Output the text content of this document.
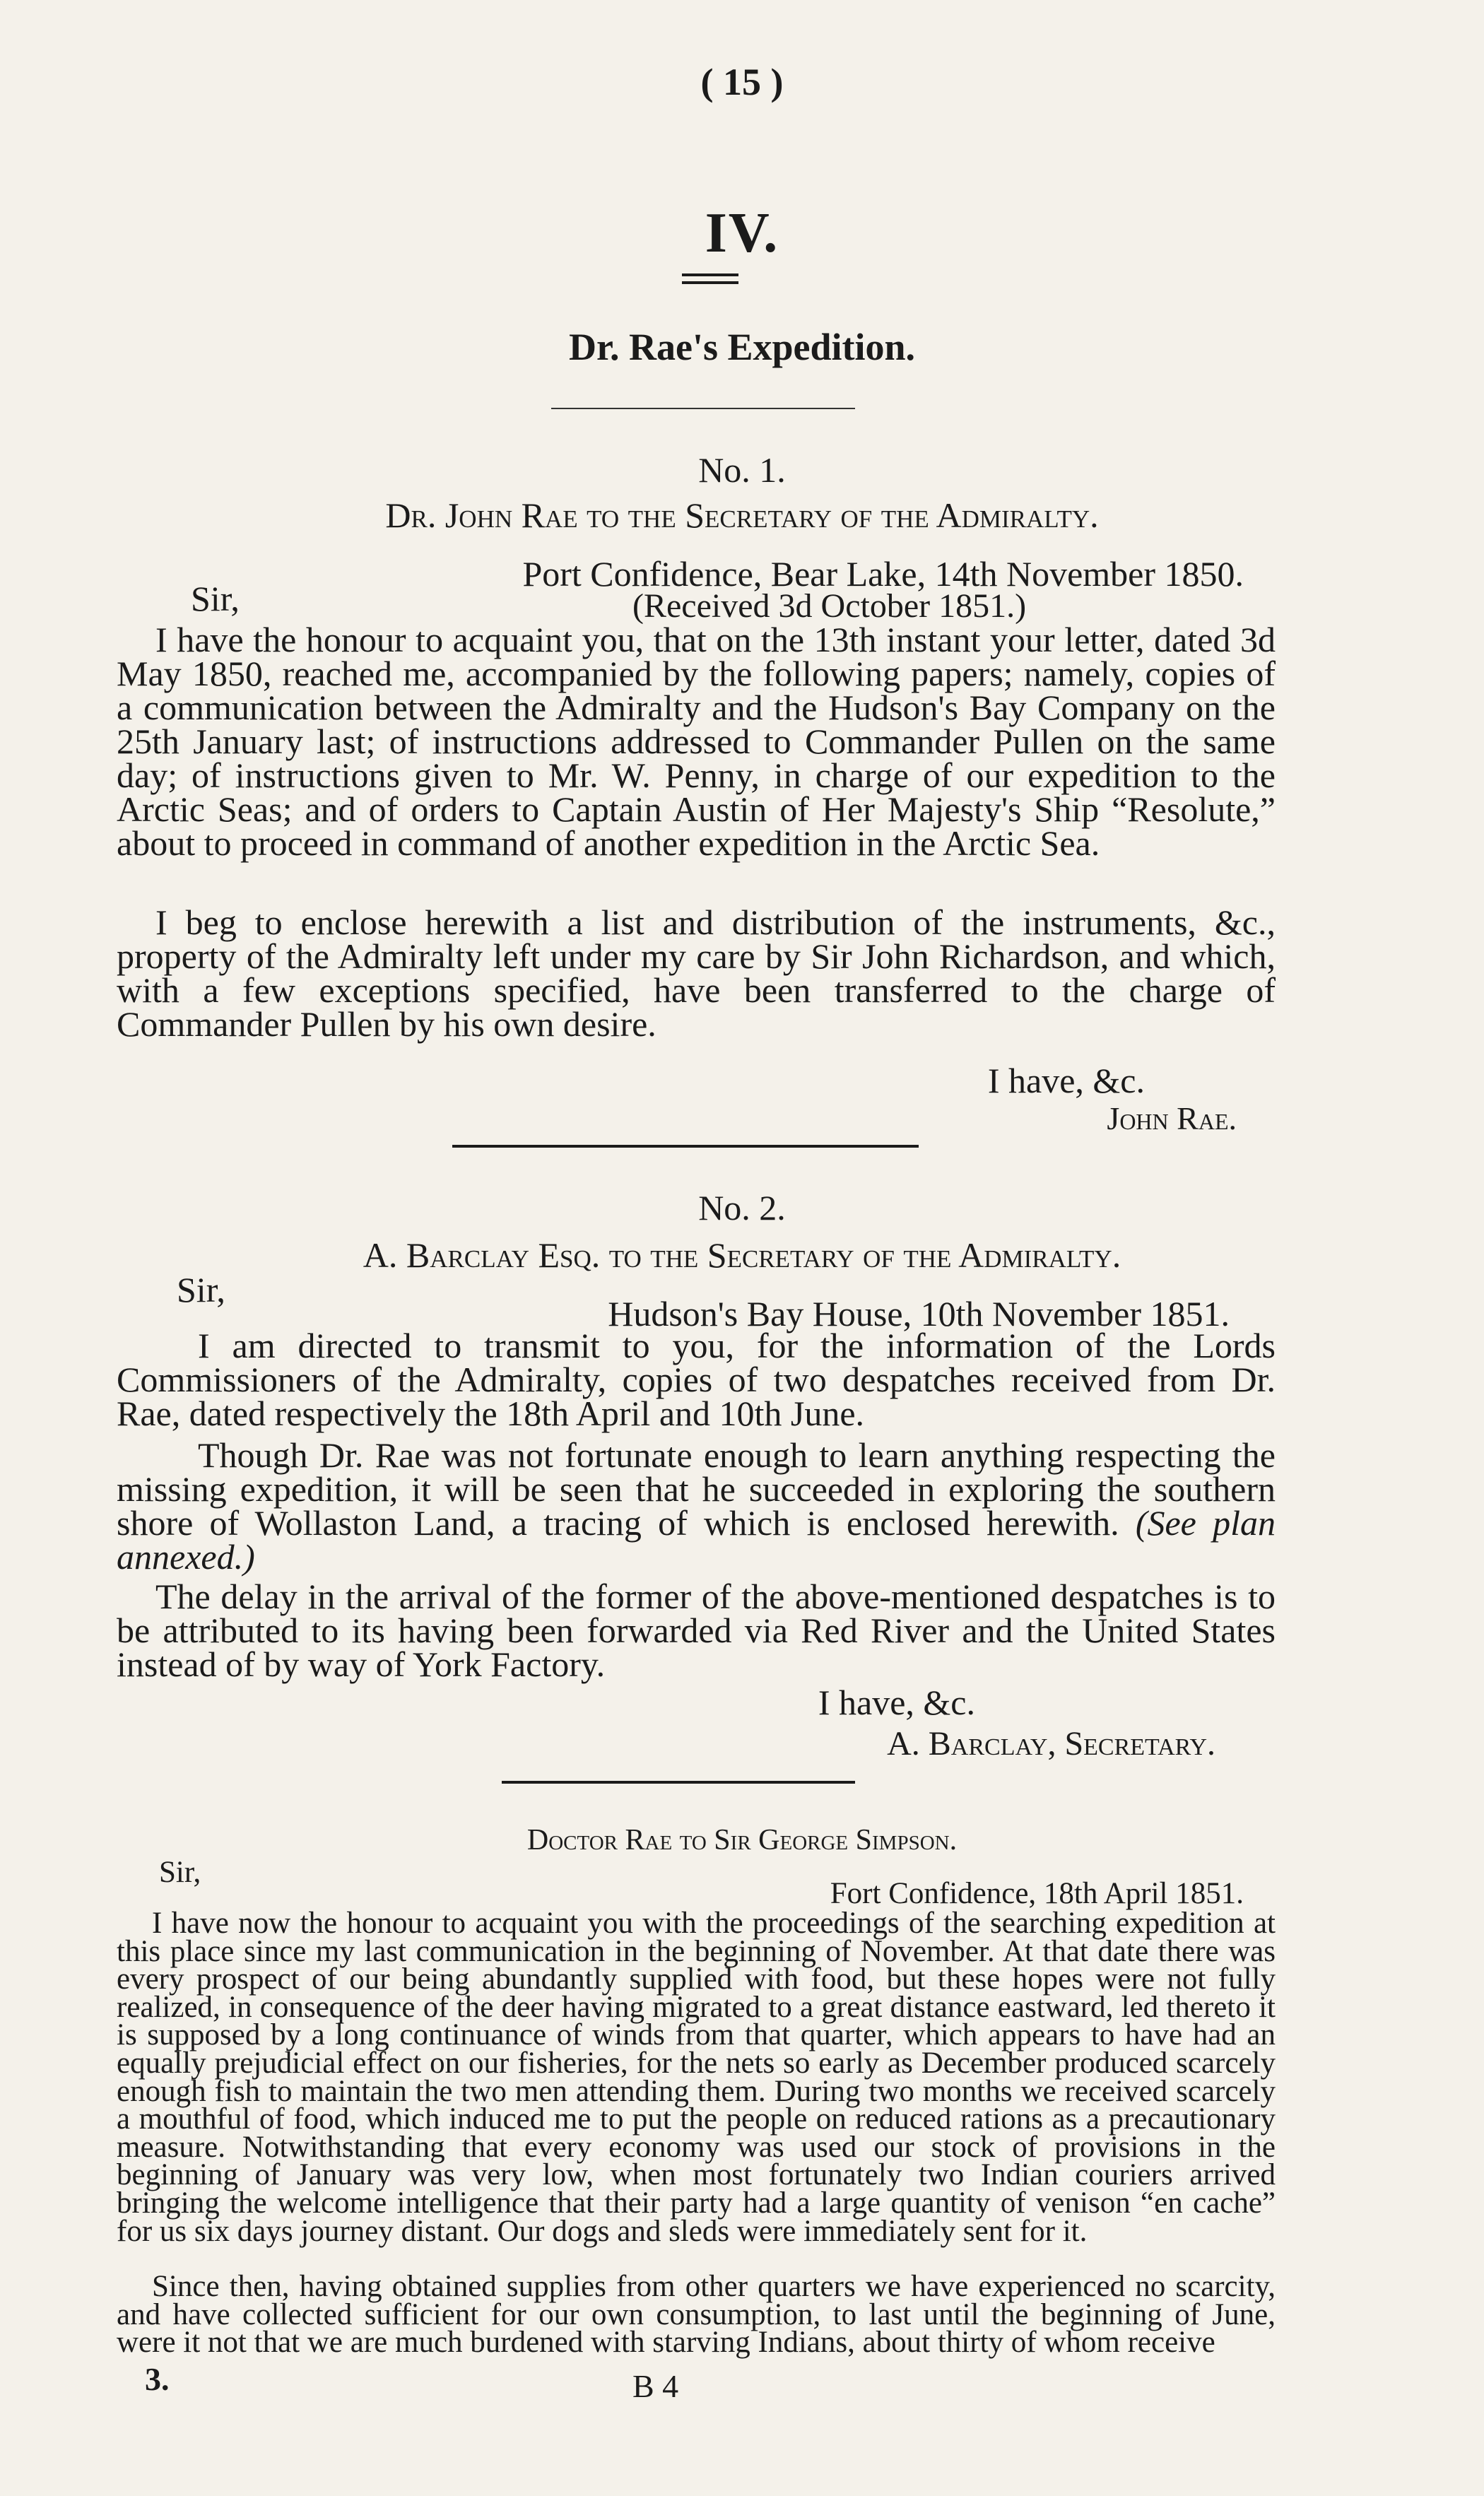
( 15 )
IV.
Dr. Rae's Expedition.
No. 1.
Dr. John Rae to the Secretary of the Admiralty.
Port Confidence, Bear Lake, 14th November 1850.
Sir,	(Received 3d October 1851.)
I have the honour to acquaint you, that on the 13th instant your letter, dated 3d May 1850, reached me, accompanied by the following papers; namely, copies of a communication between the Admiralty and the Hudson's Bay Company on the 25th January last; of instructions addressed to Commander Pullen on the same day; of instructions given to Mr. W. Penny, in charge of our expedition to the Arctic Seas; and of orders to Captain Austin of Her Majesty's Ship “Resolute,” about to proceed in command of another expedition in the Arctic Sea.
I beg to enclose herewith a list and distribution of the instruments, &c., property of the Admiralty left under my care by Sir John Richardson, and which, with a few exceptions specified, have been transferred to the charge of Commander Pullen by his own desire.
I have, &c.
John Rae.
No. 2.
A. Barclay Esq. to the Secretary of the Admiralty.
Sir,
Hudson's Bay House, 10th November 1851.
I am directed to transmit to you, for the information of the Lords Commissioners of the Admiralty, copies of two despatches received from Dr. Rae, dated respectively the 18th April and 10th June.
Though Dr. Rae was not fortunate enough to learn anything respecting the missing expedition, it will be seen that he succeeded in exploring the southern shore of Wollaston Land, a tracing of which is enclosed herewith. (See plan annexed.)
The delay in the arrival of the former of the above-mentioned despatches is to be attributed to its having been forwarded via Red River and the United States instead of by way of York Factory.
I have, &c.
A. Barclay, Secretary.
Doctor Rae to Sir George Simpson.
Sir,
Fort Confidence, 18th April 1851.
I have now the honour to acquaint you with the proceedings of the searching expedition at this place since my last communication in the beginning of November. At that date there was every prospect of our being abundantly supplied with food, but these hopes were not fully realized, in consequence of the deer having migrated to a great distance eastward, led thereto it is supposed by a long continuance of winds from that quarter, which appears to have had an equally prejudicial effect on our fisheries, for the nets so early as December produced scarcely enough fish to maintain the two men attending them. During two months we received scarcely a mouthful of food, which induced me to put the people on reduced rations as a precautionary measure. Notwithstanding that every economy was used our stock of provisions in the beginning of January was very low, when most fortunately two Indian couriers arrived bringing the welcome intelligence that their party had a large quantity of venison “en cache” for us six days journey distant. Our dogs and sleds were immediately sent for it.
Since then, having obtained supplies from other quarters we have experienced no scarcity, and have collected sufficient for our own consumption, to last until the beginning of June, were it not that we are much burdened with starving Indians, about thirty of whom receive
3.	B 4
